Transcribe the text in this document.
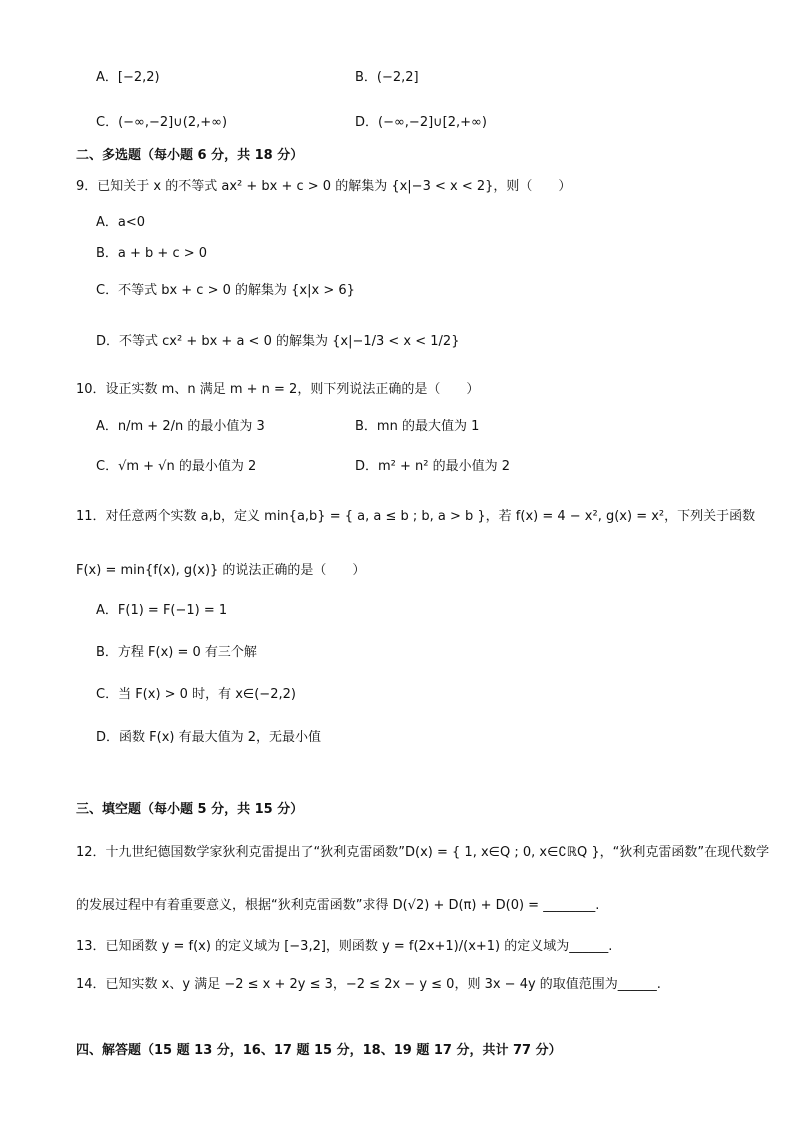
A．[−2,2)	B．(−2,2]
C．(−∞,−2]∪(2,+∞)	D．(−∞,−2]∪[2,+∞)
二、多选题（每小题 6 分，共 18 分）
9．已知关于 x 的不等式 ax² + bx + c > 0 的解集为 {x|−3 < x < 2}，则（　　）
A．a<0
B．a + b + c > 0
C．不等式 bx + c > 0 的解集为 {x|x > 6}
D．不等式 cx² + bx + a < 0 的解集为 {x|−1/3 < x < 1/2}
10．设正实数 m、n 满足 m + n = 2，则下列说法正确的是（　　）
A．n/m + 2/n 的最小值为 3	B．mn 的最大值为 1
C．√m + √n 的最小值为 2	D．m² + n² 的最小值为 2
11．对任意两个实数 a,b，定义 min{a,b} = { a, a ≤ b ; b, a > b }，若 f(x) = 4 − x², g(x) = x²，下列关于函数
F(x) = min{f(x), g(x)} 的说法正确的是（　　）
A．F(1) = F(−1) = 1
B．方程 F(x) = 0 有三个解
C．当 F(x) > 0 时，有 x∈(−2,2)
D．函数 F(x) 有最大值为 2，无最小值
三、填空题（每小题 5 分，共 15 分）
12．十九世纪德国数学家狄利克雷提出了“狄利克雷函数”D(x) = { 1, x∈Q ; 0, x∈∁ℝQ }，“狄利克雷函数”在现代数学
的发展过程中有着重要意义，根据“狄利克雷函数”求得 D(√2) + D(π) + D(0) = ________.
13．已知函数 y = f(x) 的定义域为 [−3,2]，则函数 y = f(2x+1)/(x+1) 的定义域为______.
14．已知实数 x、y 满足 −2 ≤ x + 2y ≤ 3，−2 ≤ 2x − y ≤ 0，则 3x − 4y 的取值范围为______.
四、解答题（15 题 13 分，16、17 题 15 分，18、19 题 17 分，共计 77 分）
